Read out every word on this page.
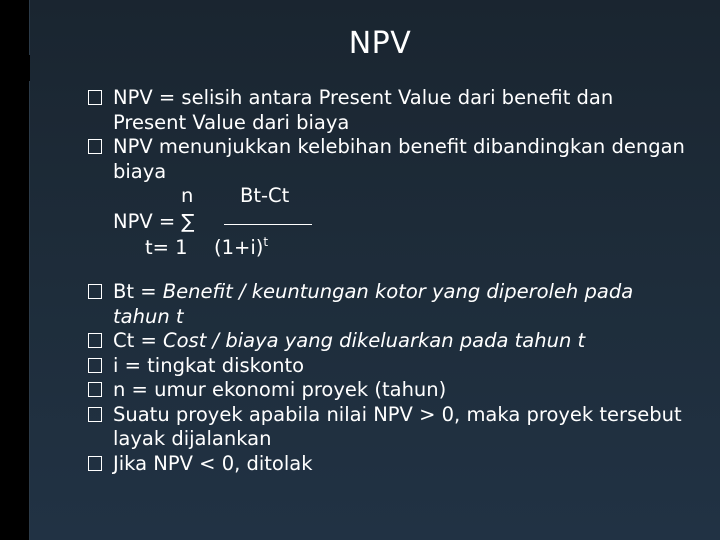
NPV
NPV = selisih antara Present Value dari benefit dan Present Value dari biaya
NPV menunjukkan kelebihan benefit dibandingkan dengan biaya
n Bt-Ct
NPV = ∑
t= 1 $(1+i)^t$
Bt = Benefit / keuntungan kotor yang diperoleh pada tahun t
Ct = Cost / biaya yang dikeluarkan pada tahun t
i = tingkat diskonto
n = umur ekonomi proyek (tahun)
Suatu proyek apabila nilai NPV > 0, maka proyek tersebut layak dijalankan
Jika NPV < 0, ditolak
